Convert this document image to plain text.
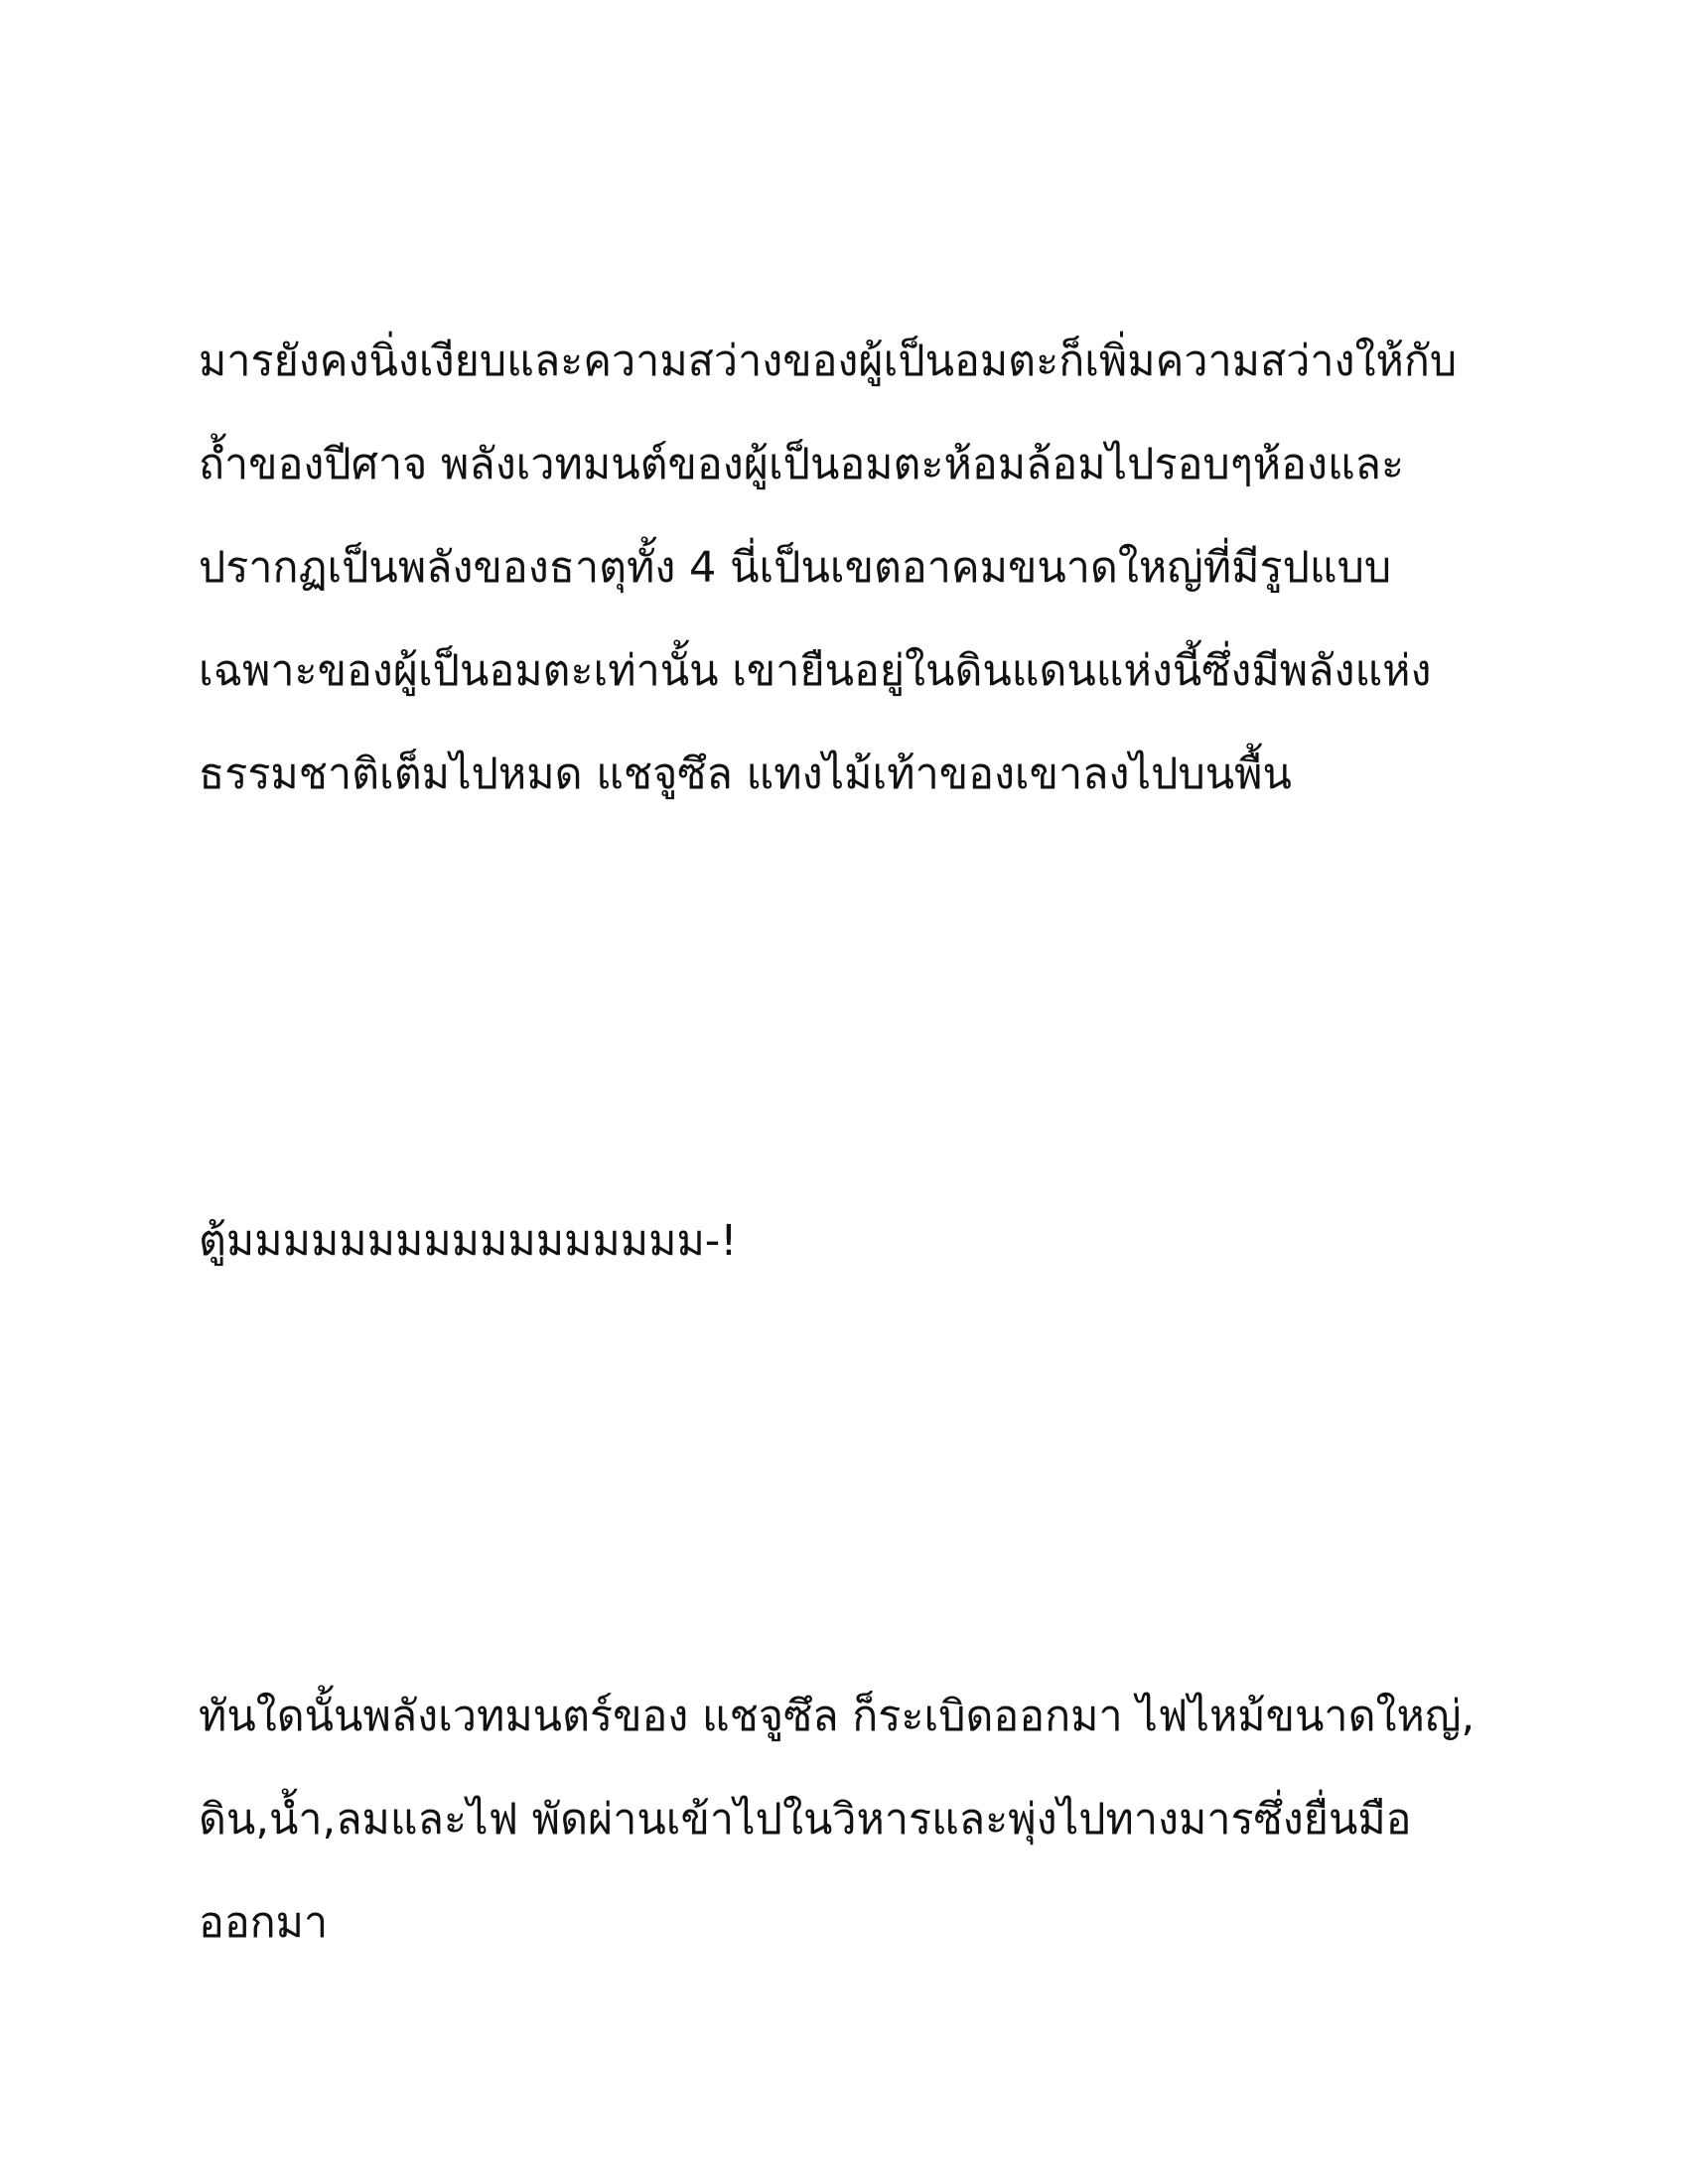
มารยังคงนิ่งเงียบและความสว่างของผู้เป็นอมตะก็เพิ่มความสว่างให้กับ
ถ้ำของปีศาจ พลังเวทมนต์ของผู้เป็นอมตะห้อมล้อมไปรอบๆห้องและ
ปรากฏเป็นพลังของธาตุทั้ง 4 นี่เป็นเขตอาคมขนาดใหญ่ที่มีรูปแบบ
เฉพาะของผู้เป็นอมตะเท่านั้น เขายืนอยู่ในดินแดนแห่งนี้ซึ่งมีพลังแห่ง
ธรรมชาติเต็มไปหมด แชจูซึล แทงไม้เท้าของเขาลงไปบนพื้น

ตู้มมมมมมมมมมมมมมมมม-!

ทันใดนั้นพลังเวทมนตร์ของ แชจูซึล ก็ระเบิดออกมา ไฟไหม้ขนาดใหญ่,
ดิน,น้ำ,ลมและไฟ พัดผ่านเข้าไปในวิหารและพุ่งไปทางมารซึ่งยื่นมือ
ออกมา
